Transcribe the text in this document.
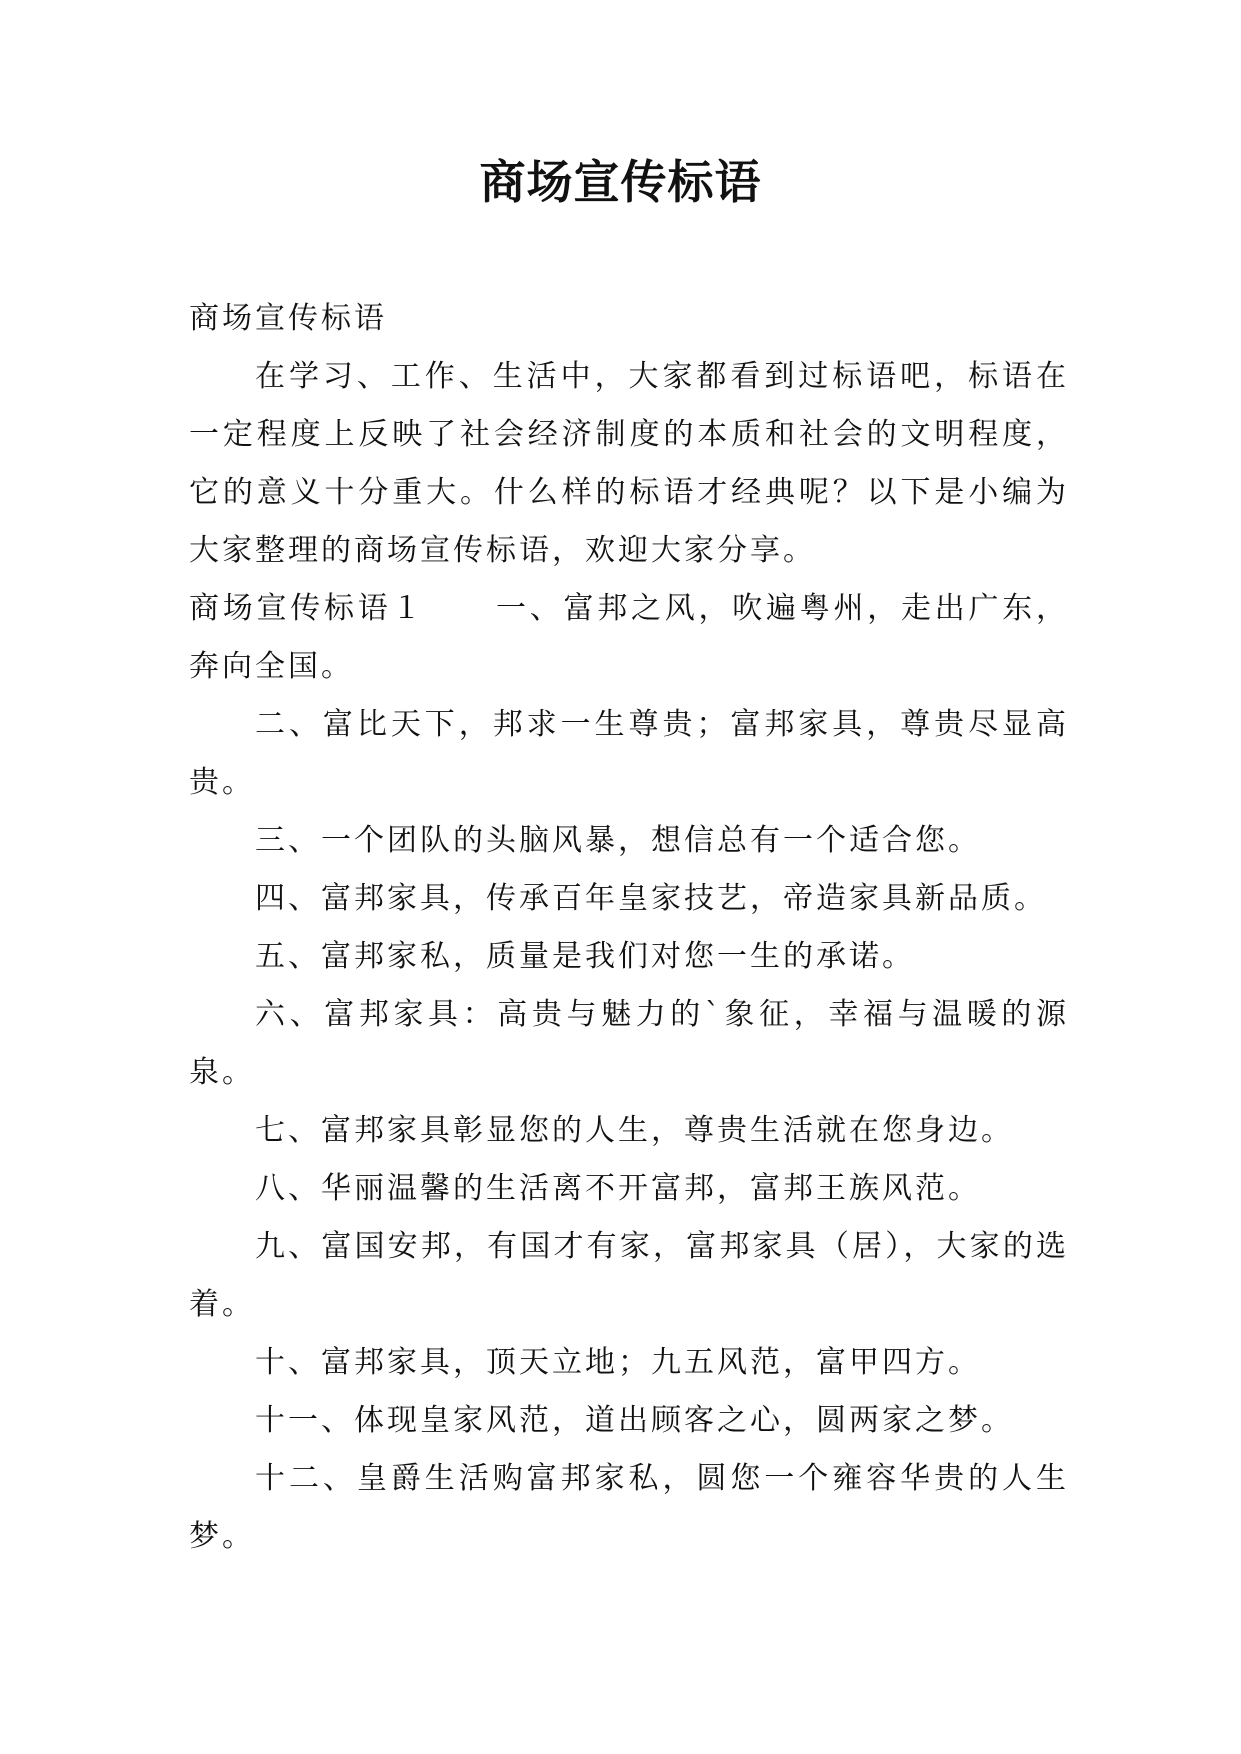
商场宣传标语

商场宣传标语

在学习、工作、生活中，大家都看到过标语吧，标语在一定程度上反映了社会经济制度的本质和社会的文明程度，它的意义十分重大。什么样的标语才经典呢？以下是小编为大家整理的商场宣传标语，欢迎大家分享。

商场宣传标语１ 一、富邦之风，吹遍粤州，走出广东，奔向全国。

二、富比天下，邦求一生尊贵；富邦家具，尊贵尽显高贵。

三、一个团队的头脑风暴，想信总有一个适合您。

四、富邦家具，传承百年皇家技艺，帝造家具新品质。

五、富邦家私，质量是我们对您一生的承诺。

六、富邦家具：高贵与魅力的`象征，幸福与温暖的源泉。

七、富邦家具彰显您的人生，尊贵生活就在您身边。

八、华丽温馨的生活离不开富邦，富邦王族风范。

九、富国安邦，有国才有家，富邦家具（居），大家的选着。

十、富邦家具，顶天立地；九五风范，富甲四方。

十一、体现皇家风范，道出顾客之心，圆两家之梦。

十二、皇爵生活购富邦家私，圆您一个雍容华贵的人生梦。
